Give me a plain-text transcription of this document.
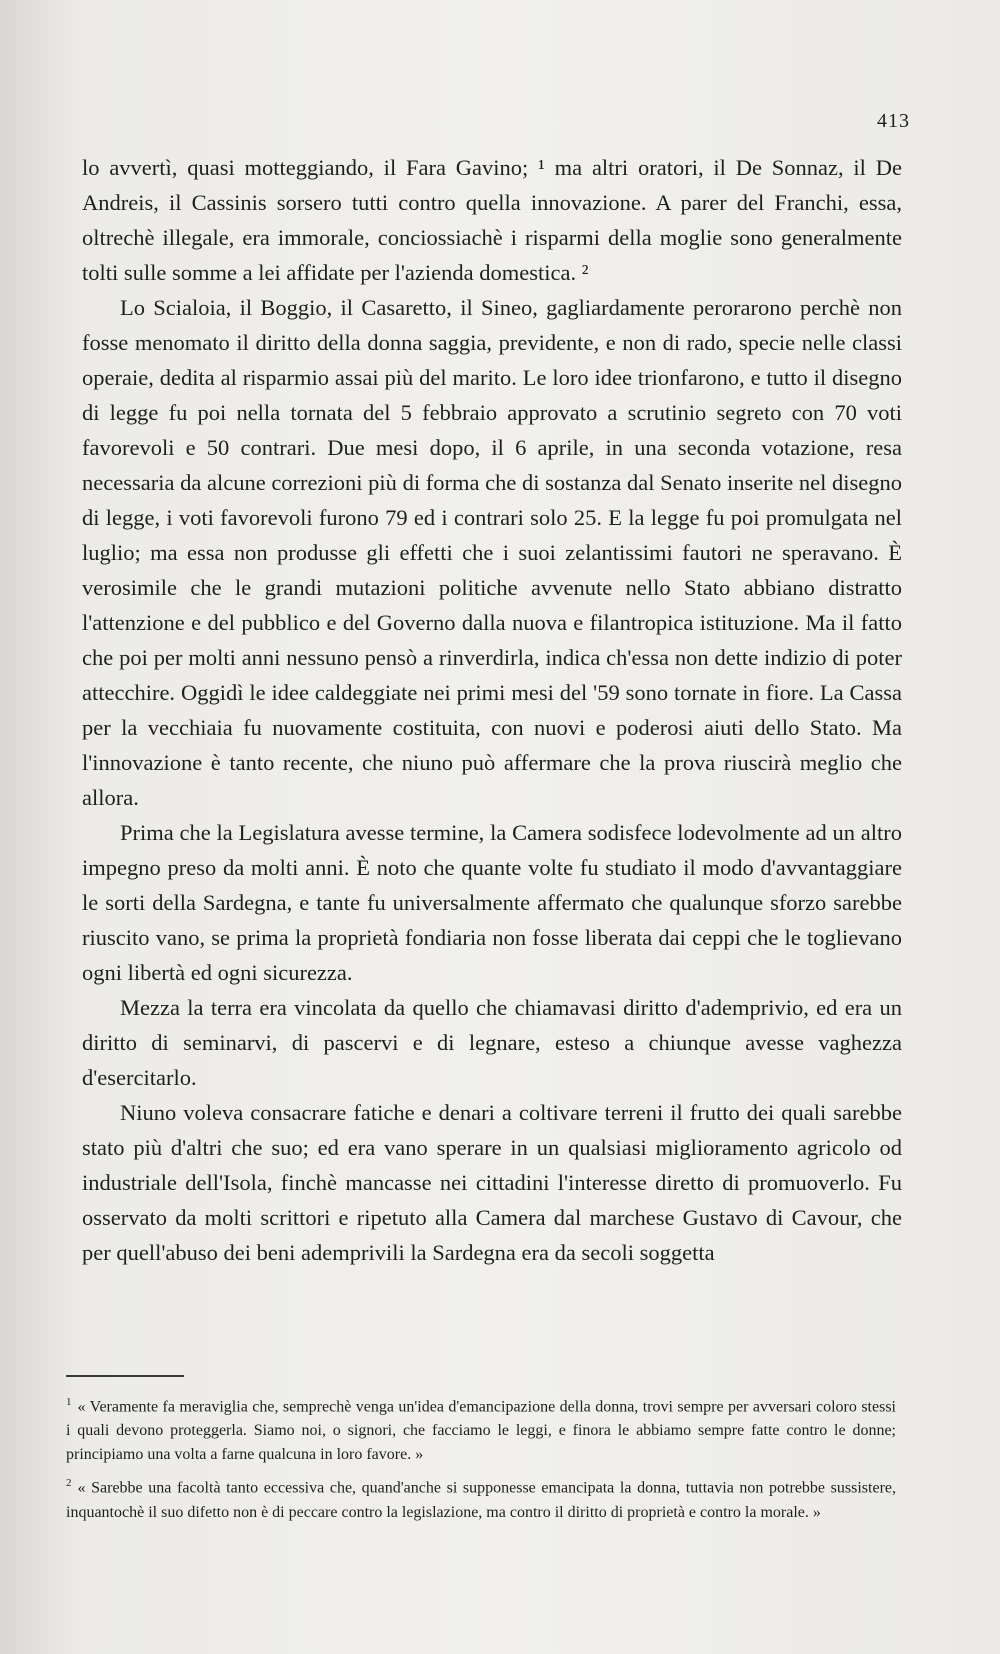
413

lo avvertì, quasi motteggiando, il Fara Gavino; ¹ ma altri oratori, il De Sonnaz, il De Andreis, il Cassinis sorsero tutti contro quella innovazione. A parer del Franchi, essa, oltrechè illegale, era immorale, conciossiachè i risparmi della moglie sono generalmente tolti sulle somme a lei affidate per l'azienda domestica. ²

Lo Scialoia, il Boggio, il Casaretto, il Sineo, gagliardamente perorarono perchè non fosse menomato il diritto della donna saggia, previdente, e non di rado, specie nelle classi operaie, dedita al risparmio assai più del marito. Le loro idee trionfarono, e tutto il disegno di legge fu poi nella tornata del 5 febbraio approvato a scrutinio segreto con 70 voti favorevoli e 50 contrari. Due mesi dopo, il 6 aprile, in una seconda votazione, resa necessaria da alcune correzioni più di forma che di sostanza dal Senato inserite nel disegno di legge, i voti favorevoli furono 79 ed i contrari solo 25. E la legge fu poi promulgata nel luglio; ma essa non produsse gli effetti che i suoi zelantissimi fautori ne speravano. È verosimile che le grandi mutazioni politiche avvenute nello Stato abbiano distratto l'attenzione e del pubblico e del Governo dalla nuova e filantropica istituzione. Ma il fatto che poi per molti anni nessuno pensò a rinverdirla, indica ch'essa non dette indizio di poter attecchire. Oggidì le idee caldeggiate nei primi mesi del '59 sono tornate in fiore. La Cassa per la vecchiaia fu nuovamente costituita, con nuovi e poderosi aiuti dello Stato. Ma l'innovazione è tanto recente, che niuno può affermare che la prova riuscirà meglio che allora.

Prima che la Legislatura avesse termine, la Camera sodisfece lodevolmente ad un altro impegno preso da molti anni. È noto che quante volte fu studiato il modo d'avvantaggiare le sorti della Sardegna, e tante fu universalmente affermato che qualunque sforzo sarebbe riuscito vano, se prima la proprietà fondiaria non fosse liberata dai ceppi che le toglievano ogni libertà ed ogni sicurezza.

Mezza la terra era vincolata da quello che chiamavasi diritto d'ademprivio, ed era un diritto di seminarvi, di pascervi e di legnare, esteso a chiunque avesse vaghezza d'esercitarlo.

Niuno voleva consacrare fatiche e denari a coltivare terreni il frutto dei quali sarebbe stato più d'altri che suo; ed era vano sperare in un qualsiasi miglioramento agricolo od industriale dell'Isola, finchè mancasse nei cittadini l'interesse diretto di promuoverlo. Fu osservato da molti scrittori e ripetuto alla Camera dal marchese Gustavo di Cavour, che per quell'abuso dei beni ademprivili la Sardegna era da secoli soggetta

$^1$ « Veramente fa meraviglia che, semprechè venga un'idea d'emancipazione della donna, trovi sempre per avversari coloro stessi i quali devono proteggerla. Siamo noi, o signori, che facciamo le leggi, e finora le abbiamo sempre fatte contro le donne; principiamo una volta a farne qualcuna in loro favore. »

$^2$ « Sarebbe una facoltà tanto eccessiva che, quand'anche si supponesse emancipata la donna, tuttavia non potrebbe sussistere, inquantochè il suo difetto non è di peccare contro la legislazione, ma contro il diritto di proprietà e contro la morale. »
